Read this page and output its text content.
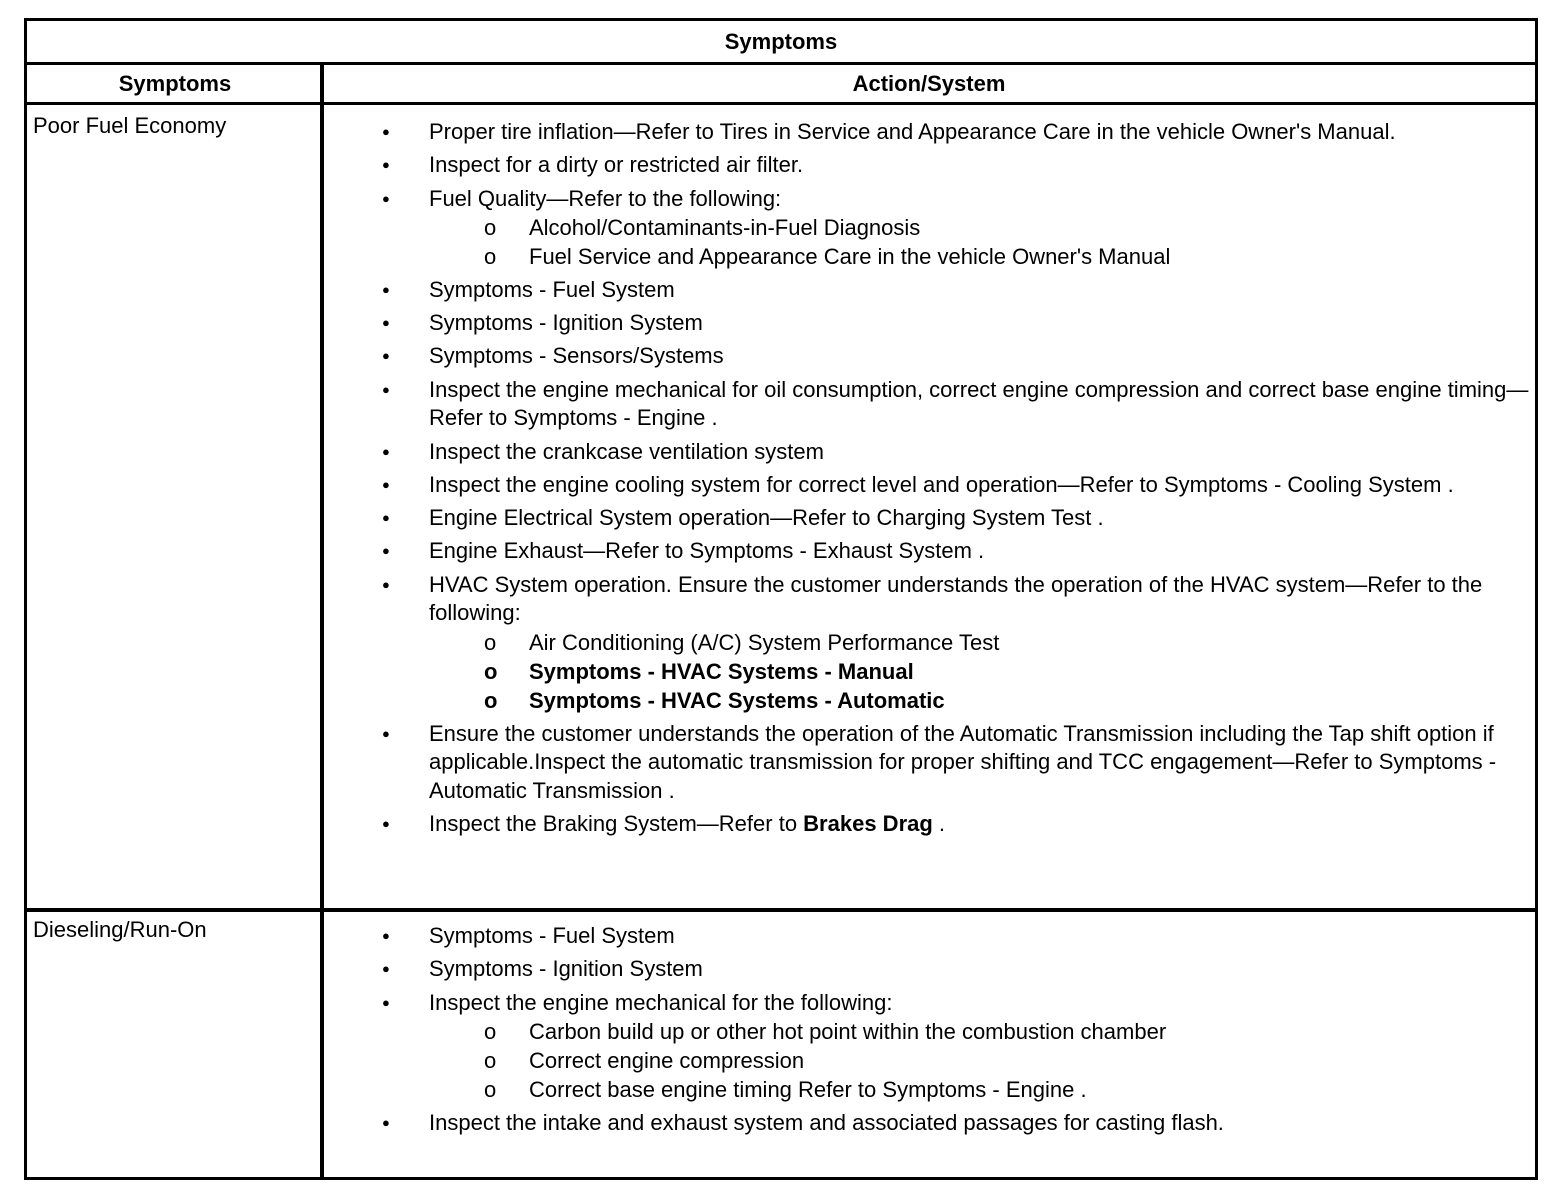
Symptoms
Symptoms	Action/System
Poor Fuel Economy	● Proper tire inflation—Refer to Tires in Service and Appearance Care in the vehicle Owner's Manual.
● Inspect for a dirty or restricted air filter.
● Fuel Quality—Refer to the following:
o Alcohol/Contaminants-in-Fuel Diagnosis
o Fuel Service and Appearance Care in the vehicle Owner's Manual
● Symptoms - Fuel System
● Symptoms - Ignition System
● Symptoms - Sensors/Systems
● Inspect the engine mechanical for oil consumption, correct engine compression and correct base engine timing—Refer to Symptoms - Engine .
● Inspect the crankcase ventilation system
● Inspect the engine cooling system for correct level and operation—Refer to Symptoms - Cooling System .
● Engine Electrical System operation—Refer to Charging System Test .
● Engine Exhaust—Refer to Symptoms - Exhaust System .
● HVAC System operation. Ensure the customer understands the operation of the HVAC system—Refer to the following:
o Air Conditioning (A/C) System Performance Test
o Symptoms - HVAC Systems - Manual
o Symptoms - HVAC Systems - Automatic
● Ensure the customer understands the operation of the Automatic Transmission including the Tap shift option if applicable.Inspect the automatic transmission for proper shifting and TCC engagement—Refer to Symptoms - Automatic Transmission .
● Inspect the Braking System—Refer to Brakes Drag .
Dieseling/Run-On	● Symptoms - Fuel System
● Symptoms - Ignition System
● Inspect the engine mechanical for the following:
o Carbon build up or other hot point within the combustion chamber
o Correct engine compression
o Correct base engine timing Refer to Symptoms - Engine .
● Inspect the intake and exhaust system and associated passages for casting flash.
